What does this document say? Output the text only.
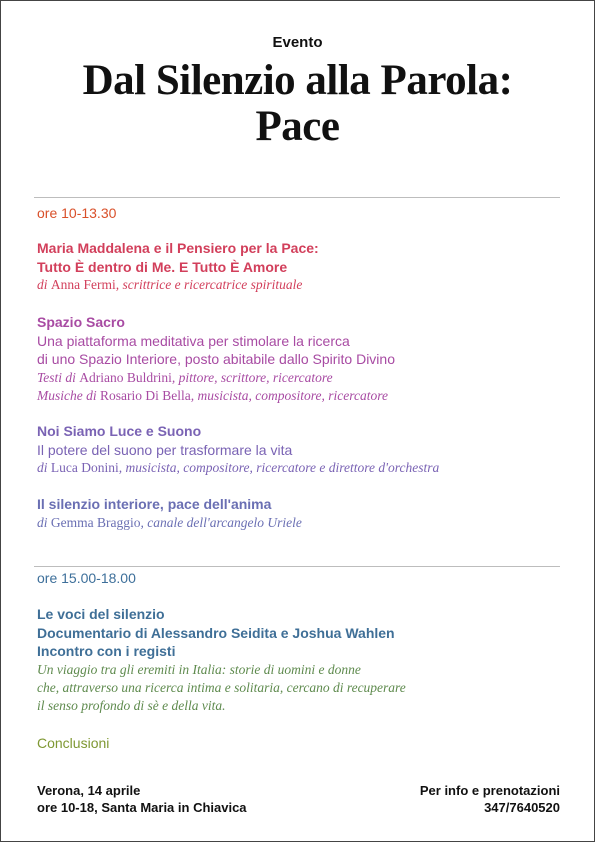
Evento
Dal Silenzio alla Parola:
Pace
ore 10-13.30
Maria Maddalena e il Pensiero per la Pace:
Tutto È dentro di Me. E Tutto È Amore
di Anna Fermi, scrittrice e ricercatrice spirituale
Spazio Sacro
Una piattaforma meditativa per stimolare la ricerca
di uno Spazio Interiore, posto abitabile dallo Spirito Divino
Testi di Adriano Buldrini, pittore, scrittore, ricercatore
Musiche di Rosario Di Bella, musicista, compositore, ricercatore
Noi Siamo Luce e Suono
Il potere del suono per trasformare la vita
di Luca Donini, musicista, compositore, ricercatore e direttore d'orchestra
Il silenzio interiore, pace dell'anima
di Gemma Braggio, canale dell'arcangelo Uriele
ore 15.00-18.00
Le voci del silenzio
Documentario di Alessandro Seidita e Joshua Wahlen
Incontro con i registi
Un viaggio tra gli eremiti in Italia: storie di uomini e donne
che, attraverso una ricerca intima e solitaria, cercano di recuperare
il senso profondo di sè e della vita.
Conclusioni
Verona, 14 aprile
ore 10-18, Santa Maria in Chiavica
Per info e prenotazioni
347/7640520
